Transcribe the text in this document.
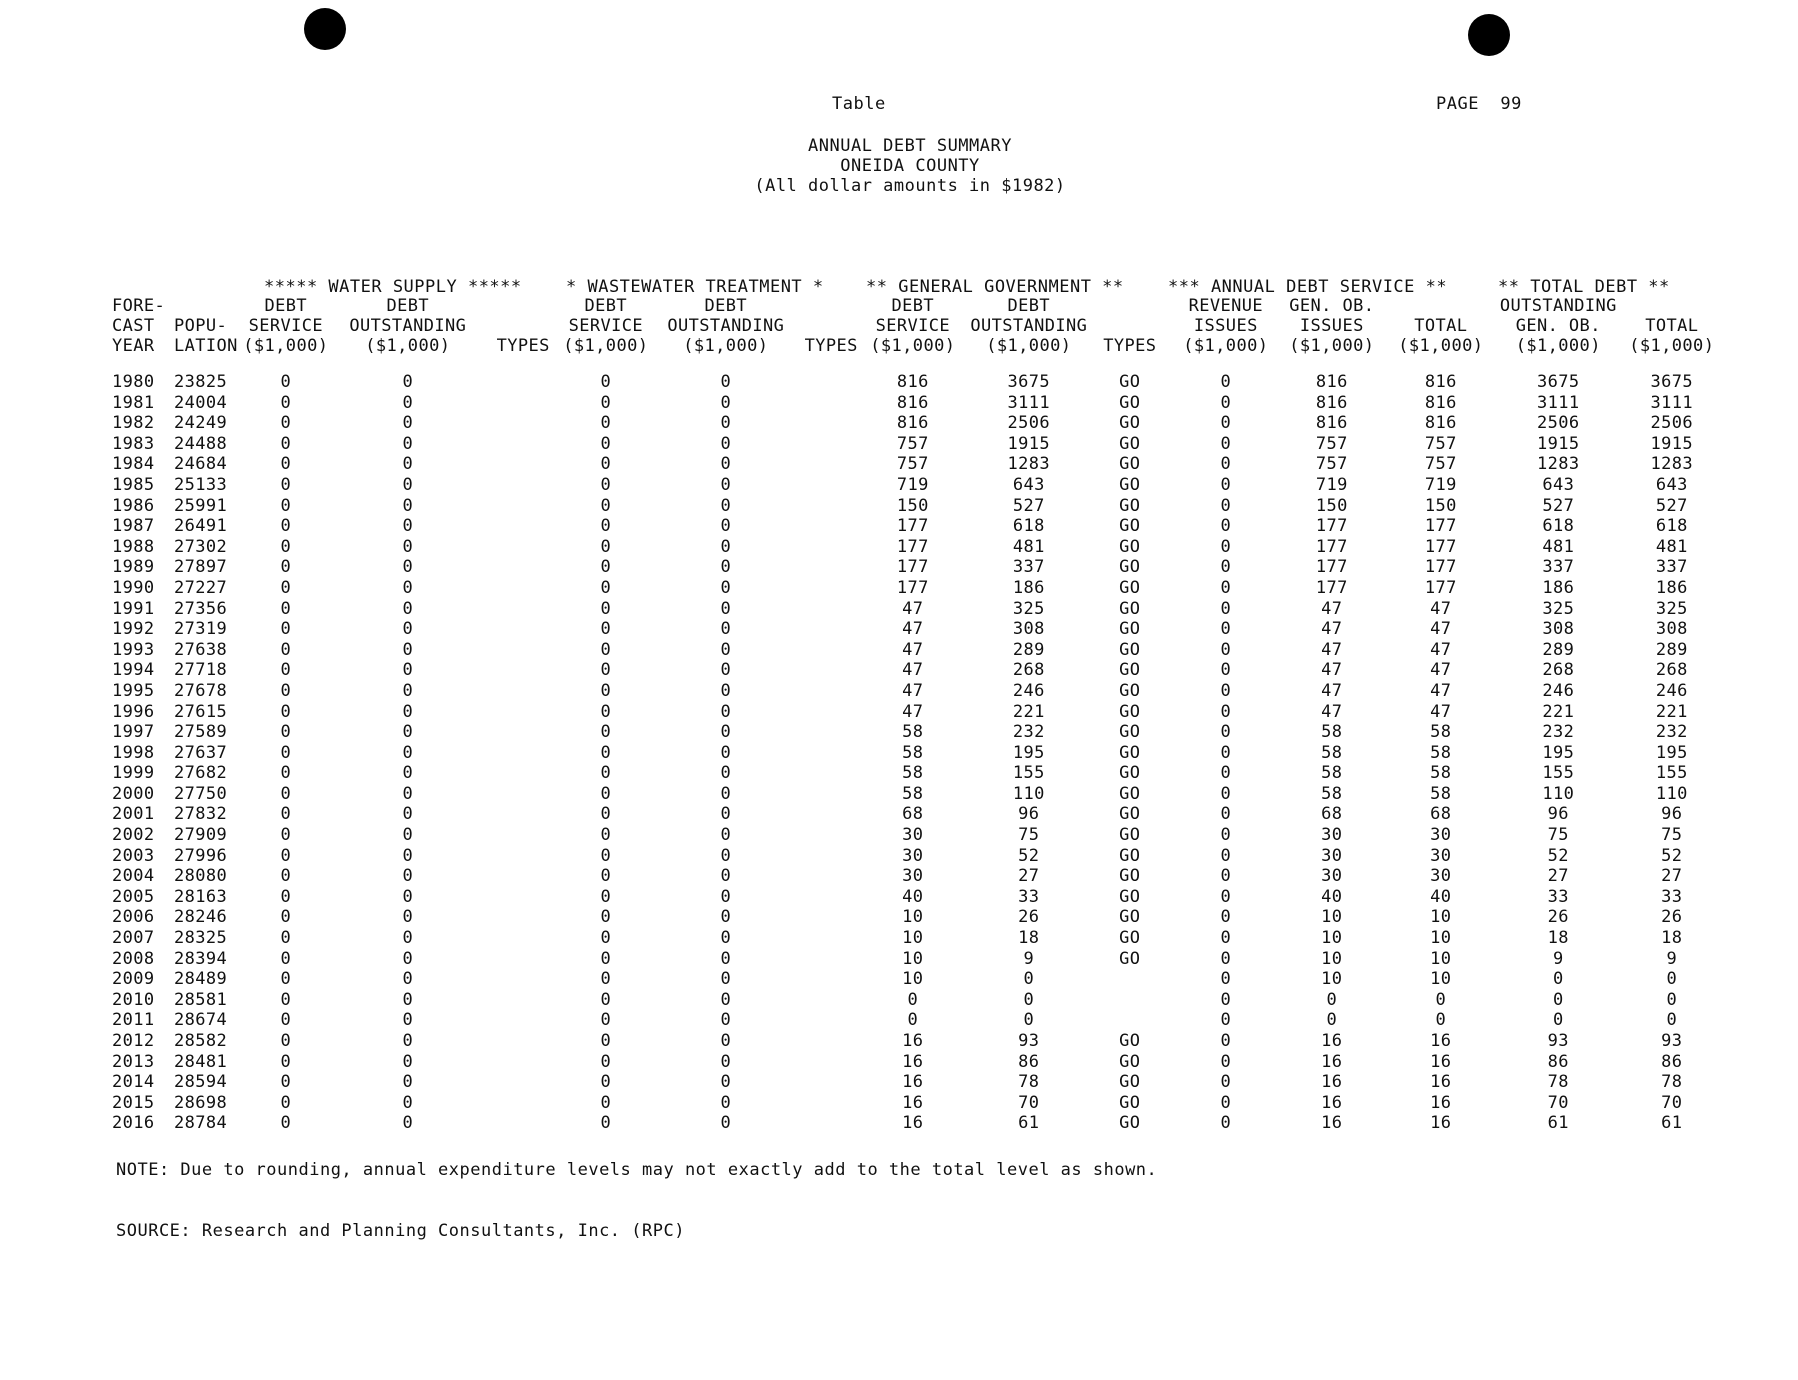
Table	PAGE  99
ANNUAL DEBT SUMMARY
ONEIDA COUNTY
(All dollar amounts in $1982)
***** WATER SUPPLY *****	* WASTEWATER TREATMENT * ** GENERAL GOVERNMENT **	*** ANNUAL DEBT SERVICE **	** TOTAL DEBT **
FORE-		DEBT	DEBT		DEBT	DEBT		DEBT	DEBT		REVENUE	GEN. OB.		OUTSTANDING	
CAST	POPU-	SERVICE	OUTSTANDING		SERVICE	OUTSTANDING		SERVICE	OUTSTANDING		ISSUES	ISSUES	TOTAL	GEN. OB.	TOTAL
YEAR	LATION	($1,000)	($1,000)	TYPES	($1,000)	($1,000)	TYPES	($1,000)	($1,000)	TYPES	($1,000)	($1,000)	($1,000)	($1,000)	($1,000)

1980	23825	0	0		0	0		816	3675	GO	0	816	816	3675	3675
1981	24004	0	0		0	0		816	3111	GO	0	816	816	3111	3111
1982	24249	0	0		0	0		816	2506	GO	0	816	816	2506	2506
1983	24488	0	0		0	0		757	1915	GO	0	757	757	1915	1915
1984	24684	0	0		0	0		757	1283	GO	0	757	757	1283	1283
1985	25133	0	0		0	0		719	643	GO	0	719	719	643	643
1986	25991	0	0		0	0		150	527	GO	0	150	150	527	527
1987	26491	0	0		0	0		177	618	GO	0	177	177	618	618
1988	27302	0	0		0	0		177	481	GO	0	177	177	481	481
1989	27897	0	0		0	0		177	337	GO	0	177	177	337	337
1990	27227	0	0		0	0		177	186	GO	0	177	177	186	186
1991	27356	0	0		0	0		47	325	GO	0	47	47	325	325
1992	27319	0	0		0	0		47	308	GO	0	47	47	308	308
1993	27638	0	0		0	0		47	289	GO	0	47	47	289	289
1994	27718	0	0		0	0		47	268	GO	0	47	47	268	268
1995	27678	0	0		0	0		47	246	GO	0	47	47	246	246
1996	27615	0	0		0	0		47	221	GO	0	47	47	221	221
1997	27589	0	0		0	0		58	232	GO	0	58	58	232	232
1998	27637	0	0		0	0		58	195	GO	0	58	58	195	195
1999	27682	0	0		0	0		58	155	GO	0	58	58	155	155
2000	27750	0	0		0	0		58	110	GO	0	58	58	110	110
2001	27832	0	0		0	0		68	96	GO	0	68	68	96	96
2002	27909	0	0		0	0		30	75	GO	0	30	30	75	75
2003	27996	0	0		0	0		30	52	GO	0	30	30	52	52
2004	28080	0	0		0	0		30	27	GO	0	30	30	27	27
2005	28163	0	0		0	0		40	33	GO	0	40	40	33	33
2006	28246	0	0		0	0		10	26	GO	0	10	10	26	26
2007	28325	0	0		0	0		10	18	GO	0	10	10	18	18
2008	28394	0	0		0	0		10	9	GO	0	10	10	9	9
2009	28489	0	0		0	0		10	0		0	10	10	0	0
2010	28581	0	0		0	0		0	0		0	0	0	0	0
2011	28674	0	0		0	0		0	0		0	0	0	0	0
2012	28582	0	0		0	0		16	93	GO	0	16	16	93	93
2013	28481	0	0		0	0		16	86	GO	0	16	16	86	86
2014	28594	0	0		0	0		16	78	GO	0	16	16	78	78
2015	28698	0	0		0	0		16	70	GO	0	16	16	70	70
2016	28784	0	0		0	0		16	61	GO	0	16	16	61	61
NOTE: Due to rounding, annual expenditure levels may not exactly add to the total level as shown.
SOURCE: Research and Planning Consultants, Inc. (RPC)
